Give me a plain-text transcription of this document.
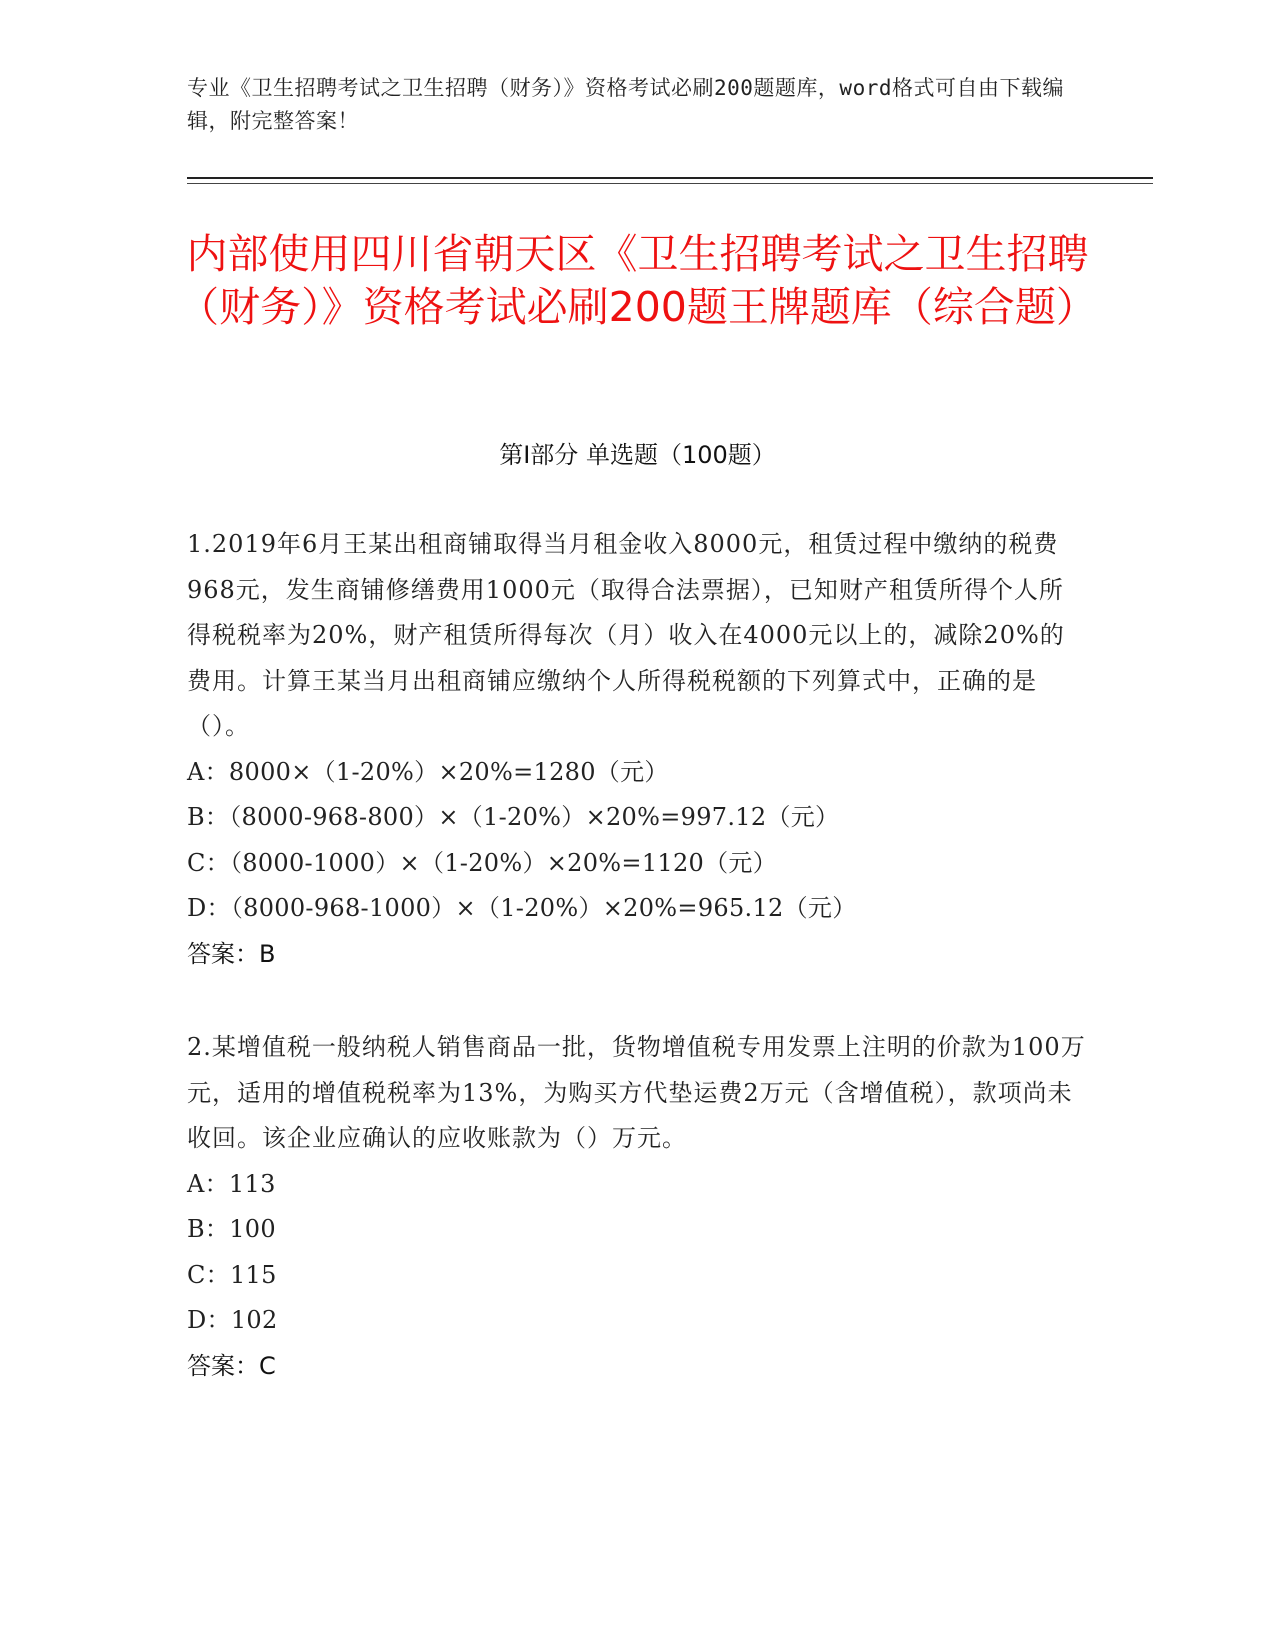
专业《卫生招聘考试之卫生招聘（财务）》资格考试必刷200题题库，word格式可自由下载编辑，附完整答案！
内部使用四川省朝天区《卫生招聘考试之卫生招聘（财务）》资格考试必刷200题王牌题库（综合题）
第I部分 单选题（100题）
1.2019年6月王某出租商铺取得当月租金收入8000元，租赁过程中缴纳的税费968元，发生商铺修缮费用1000元（取得合法票据），已知财产租赁所得个人所得税税率为20%，财产租赁所得每次（月）收入在4000元以上的，减除20%的费用。计算王某当月出租商铺应缴纳个人所得税税额的下列算式中，正确的是（）。
A：8000×（1-20%）×20%=1280（元）
B：（8000-968-800）×（1-20%）×20%=997.12（元）
C：（8000-1000）×（1-20%）×20%=1120（元）
D：（8000-968-1000）×（1-20%）×20%=965.12（元）
答案：B
2.某增值税一般纳税人销售商品一批，货物增值税专用发票上注明的价款为100万元，适用的增值税税率为13%，为购买方代垫运费2万元（含增值税），款项尚未收回。该企业应确认的应收账款为（）万元。
A：113
B：100
C：115
D：102
答案：C
